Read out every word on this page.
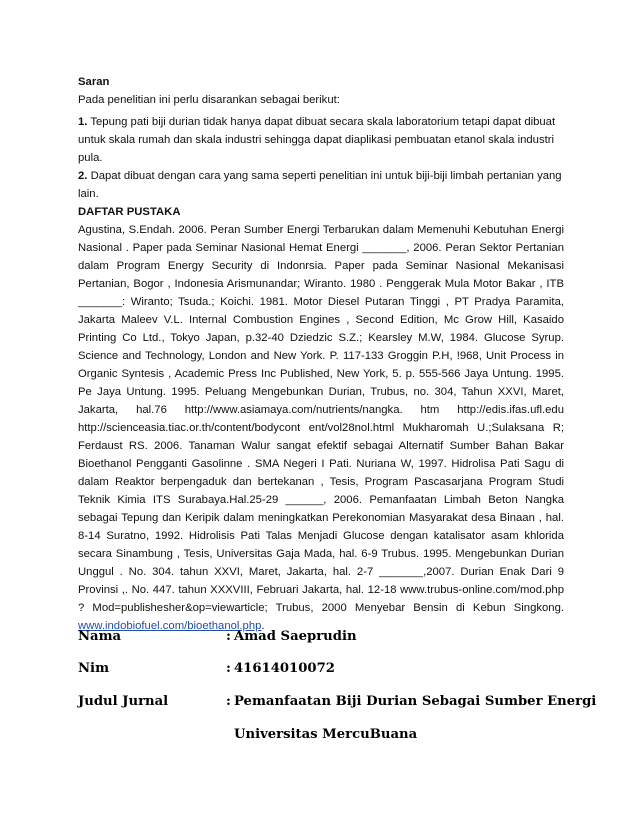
Saran

Pada penelitian ini perlu disarankan sebagai berikut:

1. Tepung pati biji durian tidak hanya dapat dibuat secara skala laboratorium tetapi dapat dibuat untuk skala rumah dan skala industri sehingga dapat diaplikasi pembuatan etanol skala industri pula.

2. Dapat dibuat dengan cara yang sama seperti penelitian ini untuk biji-biji limbah pertanian yang lain.

DAFTAR PUSTAKA

Agustina, S.Endah. 2006. Peran Sumber Energi Terbarukan dalam Memenuhi Kebutuhan Energi Nasional . Paper pada Seminar Nasional Hemat Energi _______, 2006. Peran Sektor Pertanian dalam Program Energy Security di Indonrsia. Paper pada Seminar Nasional Mekanisasi Pertanian, Bogor , Indonesia Arismunandar; Wiranto. 1980 . Penggerak Mula Motor Bakar , ITB _______: Wiranto; Tsuda.; Koichi. 1981. Motor Diesel Putaran Tinggi , PT Pradya Paramita, Jakarta Maleev V.L. Internal Combustion Engines , Second Edition, Mc Grow Hill, Kasaido Printing Co Ltd., Tokyo Japan, p.32-40 Dziedzic S.Z.; Kearsley M.W, 1984. Glucose Syrup. Science and Technology, London and New York. P. 117-133 Groggin P.H, !968, Unit Process in Organic Syntesis , Academic Press Inc Published, New York, 5. p. 555-566 Jaya Untung. 1995. Pe Jaya Untung. 1995. Peluang Mengebunkan Durian, Trubus, no. 304, Tahun XXVI, Maret, Jakarta, hal.76 http://www.asiamaya.com/nutrients/nangka. htm http://edis.ifas.ufl.edu http://scienceasia.tiac.or.th/content/bodycont ent/vol28nol.html Mukharomah U.;Sulaksana R; Ferdaust RS. 2006. Tanaman Walur sangat efektif sebagai Alternatif Sumber Bahan Bakar Bioethanol Pengganti Gasolinne . SMA Negeri I Pati. Nuriana W, 1997. Hidrolisa Pati Sagu di dalam Reaktor berpengaduk dan bertekanan , Tesis, Program Pascasarjana Program Studi Teknik Kimia ITS Surabaya.Hal.25-29 ______, 2006. Pemanfaatan Limbah Beton Nangka sebagai Tepung dan Keripik dalam meningkatkan Perekonomian Masyarakat desa Binaan , hal. 8-14 Suratno, 1992. Hidrolisis Pati Talas Menjadi Glucose dengan katalisator asam khlorida secara Sinambung , Tesis, Universitas Gaja Mada, hal. 6-9 Trubus. 1995. Mengebunkan Durian Unggul . No. 304. tahun XXVI, Maret, Jakarta, hal. 2-7 _______,2007. Durian Enak Dari 9 Provinsi ,. No. 447. tahun XXXVIII, Februari Jakarta, hal. 12-18 www.trubus-online.com/mod.php ? Mod=publishesher&op=viewarticle; Trubus, 2000 Menyebar Bensin di Kebun Singkong. www.indobiofuel.com/bioethanol.php.

Nama	: Amad Saeprudin
Nim	: 41614010072
Judul Jurnal	: Pemanfaatan Biji Durian Sebagai Sumber Energi
Universitas MercuBuana
